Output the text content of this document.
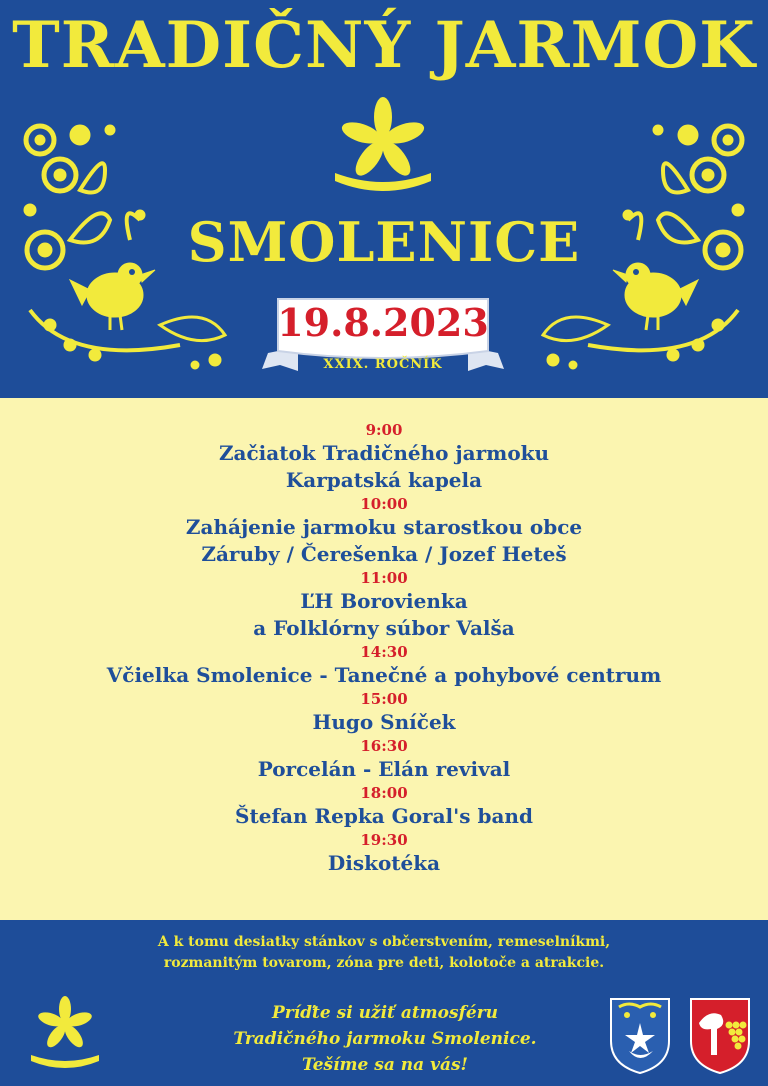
TRADIČNÝ JARMOK
SMOLENICE
19.8.2023
XXIX. ROČNÍK
9:00
Začiatok Tradičného jarmoku
Karpatská kapela
10:00
Zahájenie jarmoku starostkou obce
Záruby / Čerešenka / Jozef Heteš
11:00
ĽH Borovienka
a Folklórny súbor Valša
14:30
Včielka Smolenice - Tanečné a pohybové centrum
15:00
Hugo Sníček
16:30
Porcelán - Elán revival
18:00
Štefan Repka Goral's band
19:30
Diskotéka
A k tomu desiatky stánkov s občerstvením, remeselníkmi,
rozmanitým tovarom, zóna pre deti, kolotoče a atrakcie.
Príďte si užiť atmosféru
Tradičného jarmoku Smolenice.
Tešíme sa na vás!
